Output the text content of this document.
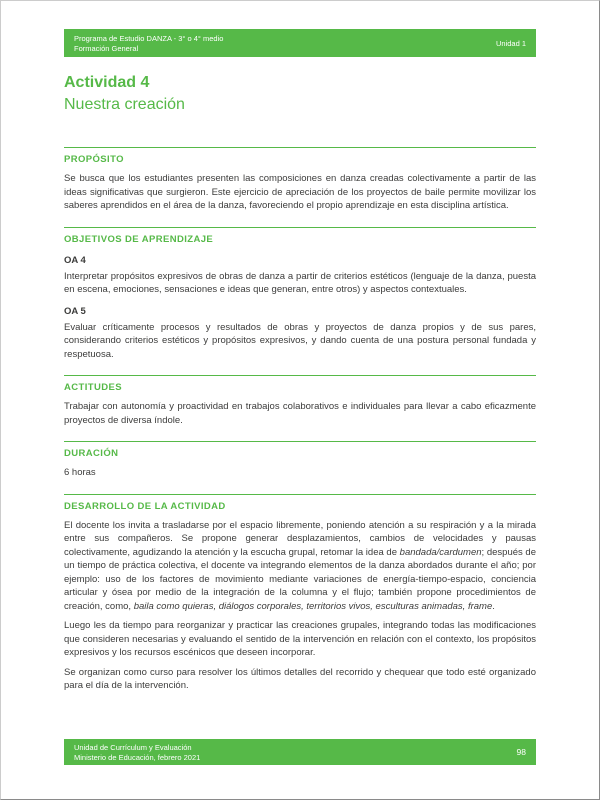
Programa de Estudio DANZA - 3° o 4° medio
Formación General
Unidad 1
Actividad 4
Nuestra creación
PROPÓSITO

Se busca que los estudiantes presenten las composiciones en danza creadas colectivamente a partir de las ideas significativas que surgieron. Este ejercicio de apreciación de los proyectos de baile permite movilizar los saberes aprendidos en el área de la danza, favoreciendo el propio aprendizaje en esta disciplina artística.

OBJETIVOS DE APRENDIZAJE

OA 4

Interpretar propósitos expresivos de obras de danza a partir de criterios estéticos (lenguaje de la danza, puesta en escena, emociones, sensaciones e ideas que generan, entre otros) y aspectos contextuales.

OA 5

Evaluar críticamente procesos y resultados de obras y proyectos de danza propios y de sus pares, considerando criterios estéticos y propósitos expresivos, y dando cuenta de una postura personal fundada y respetuosa.

ACTITUDES

Trabajar con autonomía y proactividad en trabajos colaborativos e individuales para llevar a cabo eficazmente proyectos de diversa índole.

DURACIÓN

6 horas

DESARROLLO DE LA ACTIVIDAD

El docente los invita a trasladarse por el espacio libremente, poniendo atención a su respiración y a la mirada entre sus compañeros. Se propone generar desplazamientos, cambios de velocidades y pausas colectivamente, agudizando la atención y la escucha grupal, retomar la idea de bandada/cardumen; después de un tiempo de práctica colectiva, el docente va integrando elementos de la danza abordados durante el año; por ejemplo: uso de los factores de movimiento mediante variaciones de energía-tiempo-espacio, conciencia articular y ósea por medio de la integración de la columna y el flujo; también propone procedimientos de creación, como, baila como quieras, diálogos corporales, territorios vivos, esculturas animadas, frame.

Luego les da tiempo para reorganizar y practicar las creaciones grupales, integrando todas las modificaciones que consideren necesarias y evaluando el sentido de la intervención en relación con el contexto, los propósitos expresivos y los recursos escénicos que deseen incorporar.

Se organizan como curso para resolver los últimos detalles del recorrido y chequear que todo esté organizado para el día de la intervención.

Unidad de Currículum y Evaluación
Ministerio de Educación, febrero 2021	98
